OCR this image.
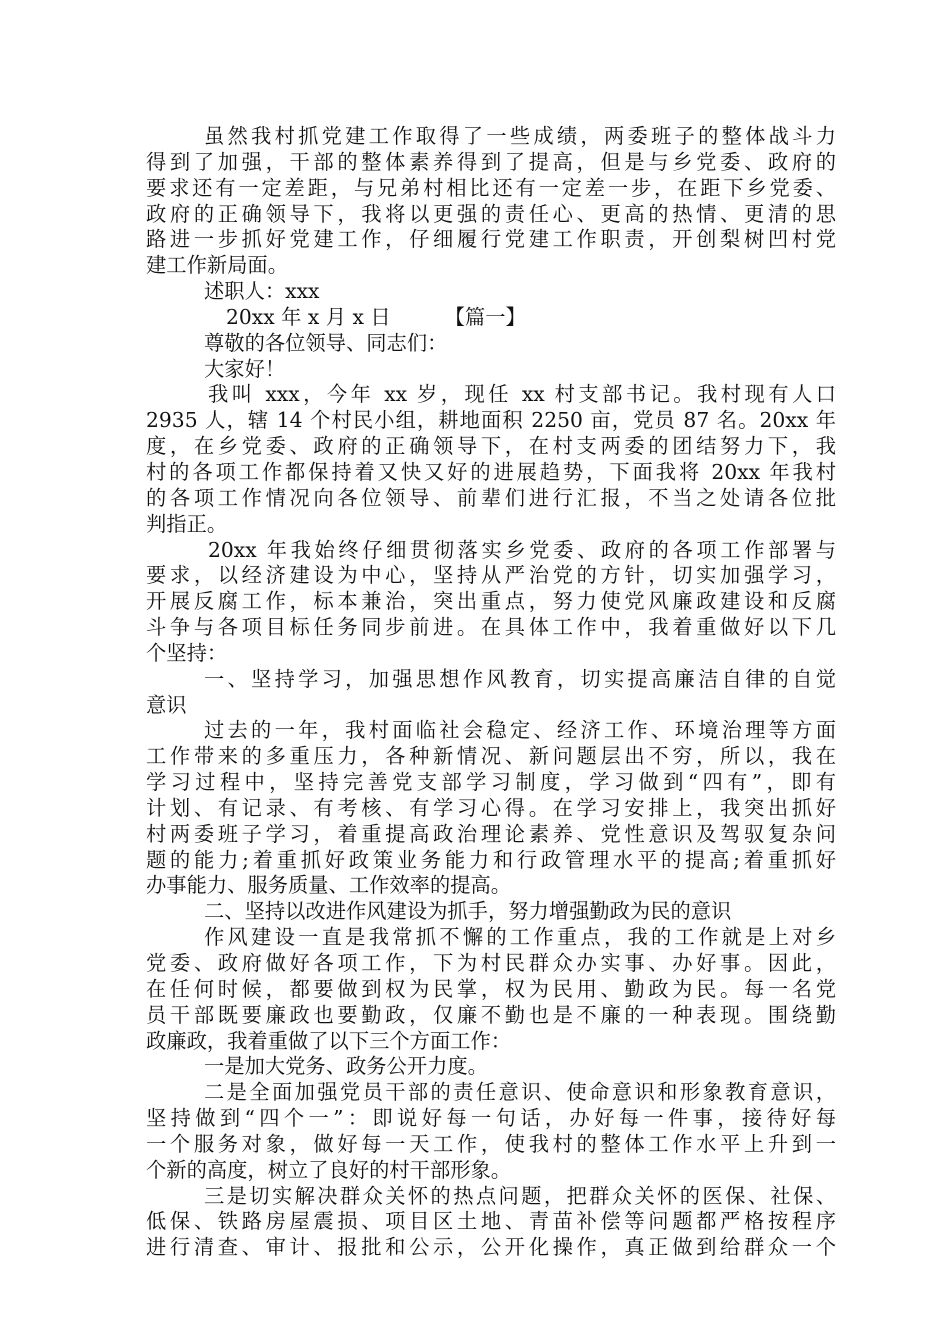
虽然我村抓党建工作取得了一些成绩，两委班子的整体战斗力
得到了加强，干部的整体素养得到了提高，但是与乡党委、政府的
要求还有一定差距，与兄弟村相比还有一定差一步，在距下乡党委、
政府的正确领导下，我将以更强的责任心、更高的热情、更清的思
路进一步抓好党建工作，仔细履行党建工作职责，开创梨树凹村党
建工作新局面。
述职人：xxx
20xx 年 x 月 x 日	【篇一】
尊敬的各位领导、同志们：
大家好！
我叫 xxx，今年 xx 岁，现任 xx 村支部书记。我村现有人口
2935 人，辖 14 个村民小组，耕地面积 2250 亩，党员 87 名。20xx 年
度，在乡党委、政府的正确领导下，在村支两委的团结努力下，我
村的各项工作都保持着又快又好的进展趋势，下面我将 20xx 年我村
的各项工作情况向各位领导、前辈们进行汇报，不当之处请各位批
判指正。
20xx 年我始终仔细贯彻落实乡党委、政府的各项工作部署与
要求，以经济建设为中心，坚持从严治党的方针，切实加强学习，
开展反腐工作，标本兼治，突出重点，努力使党风廉政建设和反腐
斗争与各项目标任务同步前进。在具体工作中，我着重做好以下几
个坚持：
一、坚持学习，加强思想作风教育，切实提高廉洁自律的自觉
意识
过去的一年，我村面临社会稳定、经济工作、环境治理等方面
工作带来的多重压力，各种新情况、新问题层出不穷，所以，我在
学习过程中，坚持完善党支部学习制度，学习做到“四有”，即有
计划、有记录、有考核、有学习心得。在学习安排上，我突出抓好
村两委班子学习，着重提高政治理论素养、党性意识及驾驭复杂问
题的能力;着重抓好政策业务能力和行政管理水平的提高;着重抓好
办事能力、服务质量、工作效率的提高。
二、坚持以改进作风建设为抓手，努力增强勤政为民的意识
作风建设一直是我常抓不懈的工作重点，我的工作就是上对乡
党委、政府做好各项工作，下为村民群众办实事、办好事。因此，
在任何时候，都要做到权为民掌，权为民用、勤政为民。每一名党
员干部既要廉政也要勤政，仅廉不勤也是不廉的一种表现。围绕勤
政廉政，我着重做了以下三个方面工作：
一是加大党务、政务公开力度。
二是全面加强党员干部的责任意识、使命意识和形象教育意识，
坚持做到“四个一”：即说好每一句话，办好每一件事，接待好每
一个服务对象，做好每一天工作，使我村的整体工作水平上升到一
个新的高度，树立了良好的村干部形象。
三是切实解决群众关怀的热点问题，把群众关怀的医保、社保、
低保、铁路房屋震损、项目区土地、青苗补偿等问题都严格按程序
进行清查、审计、报批和公示，公开化操作，真正做到给群众一个
